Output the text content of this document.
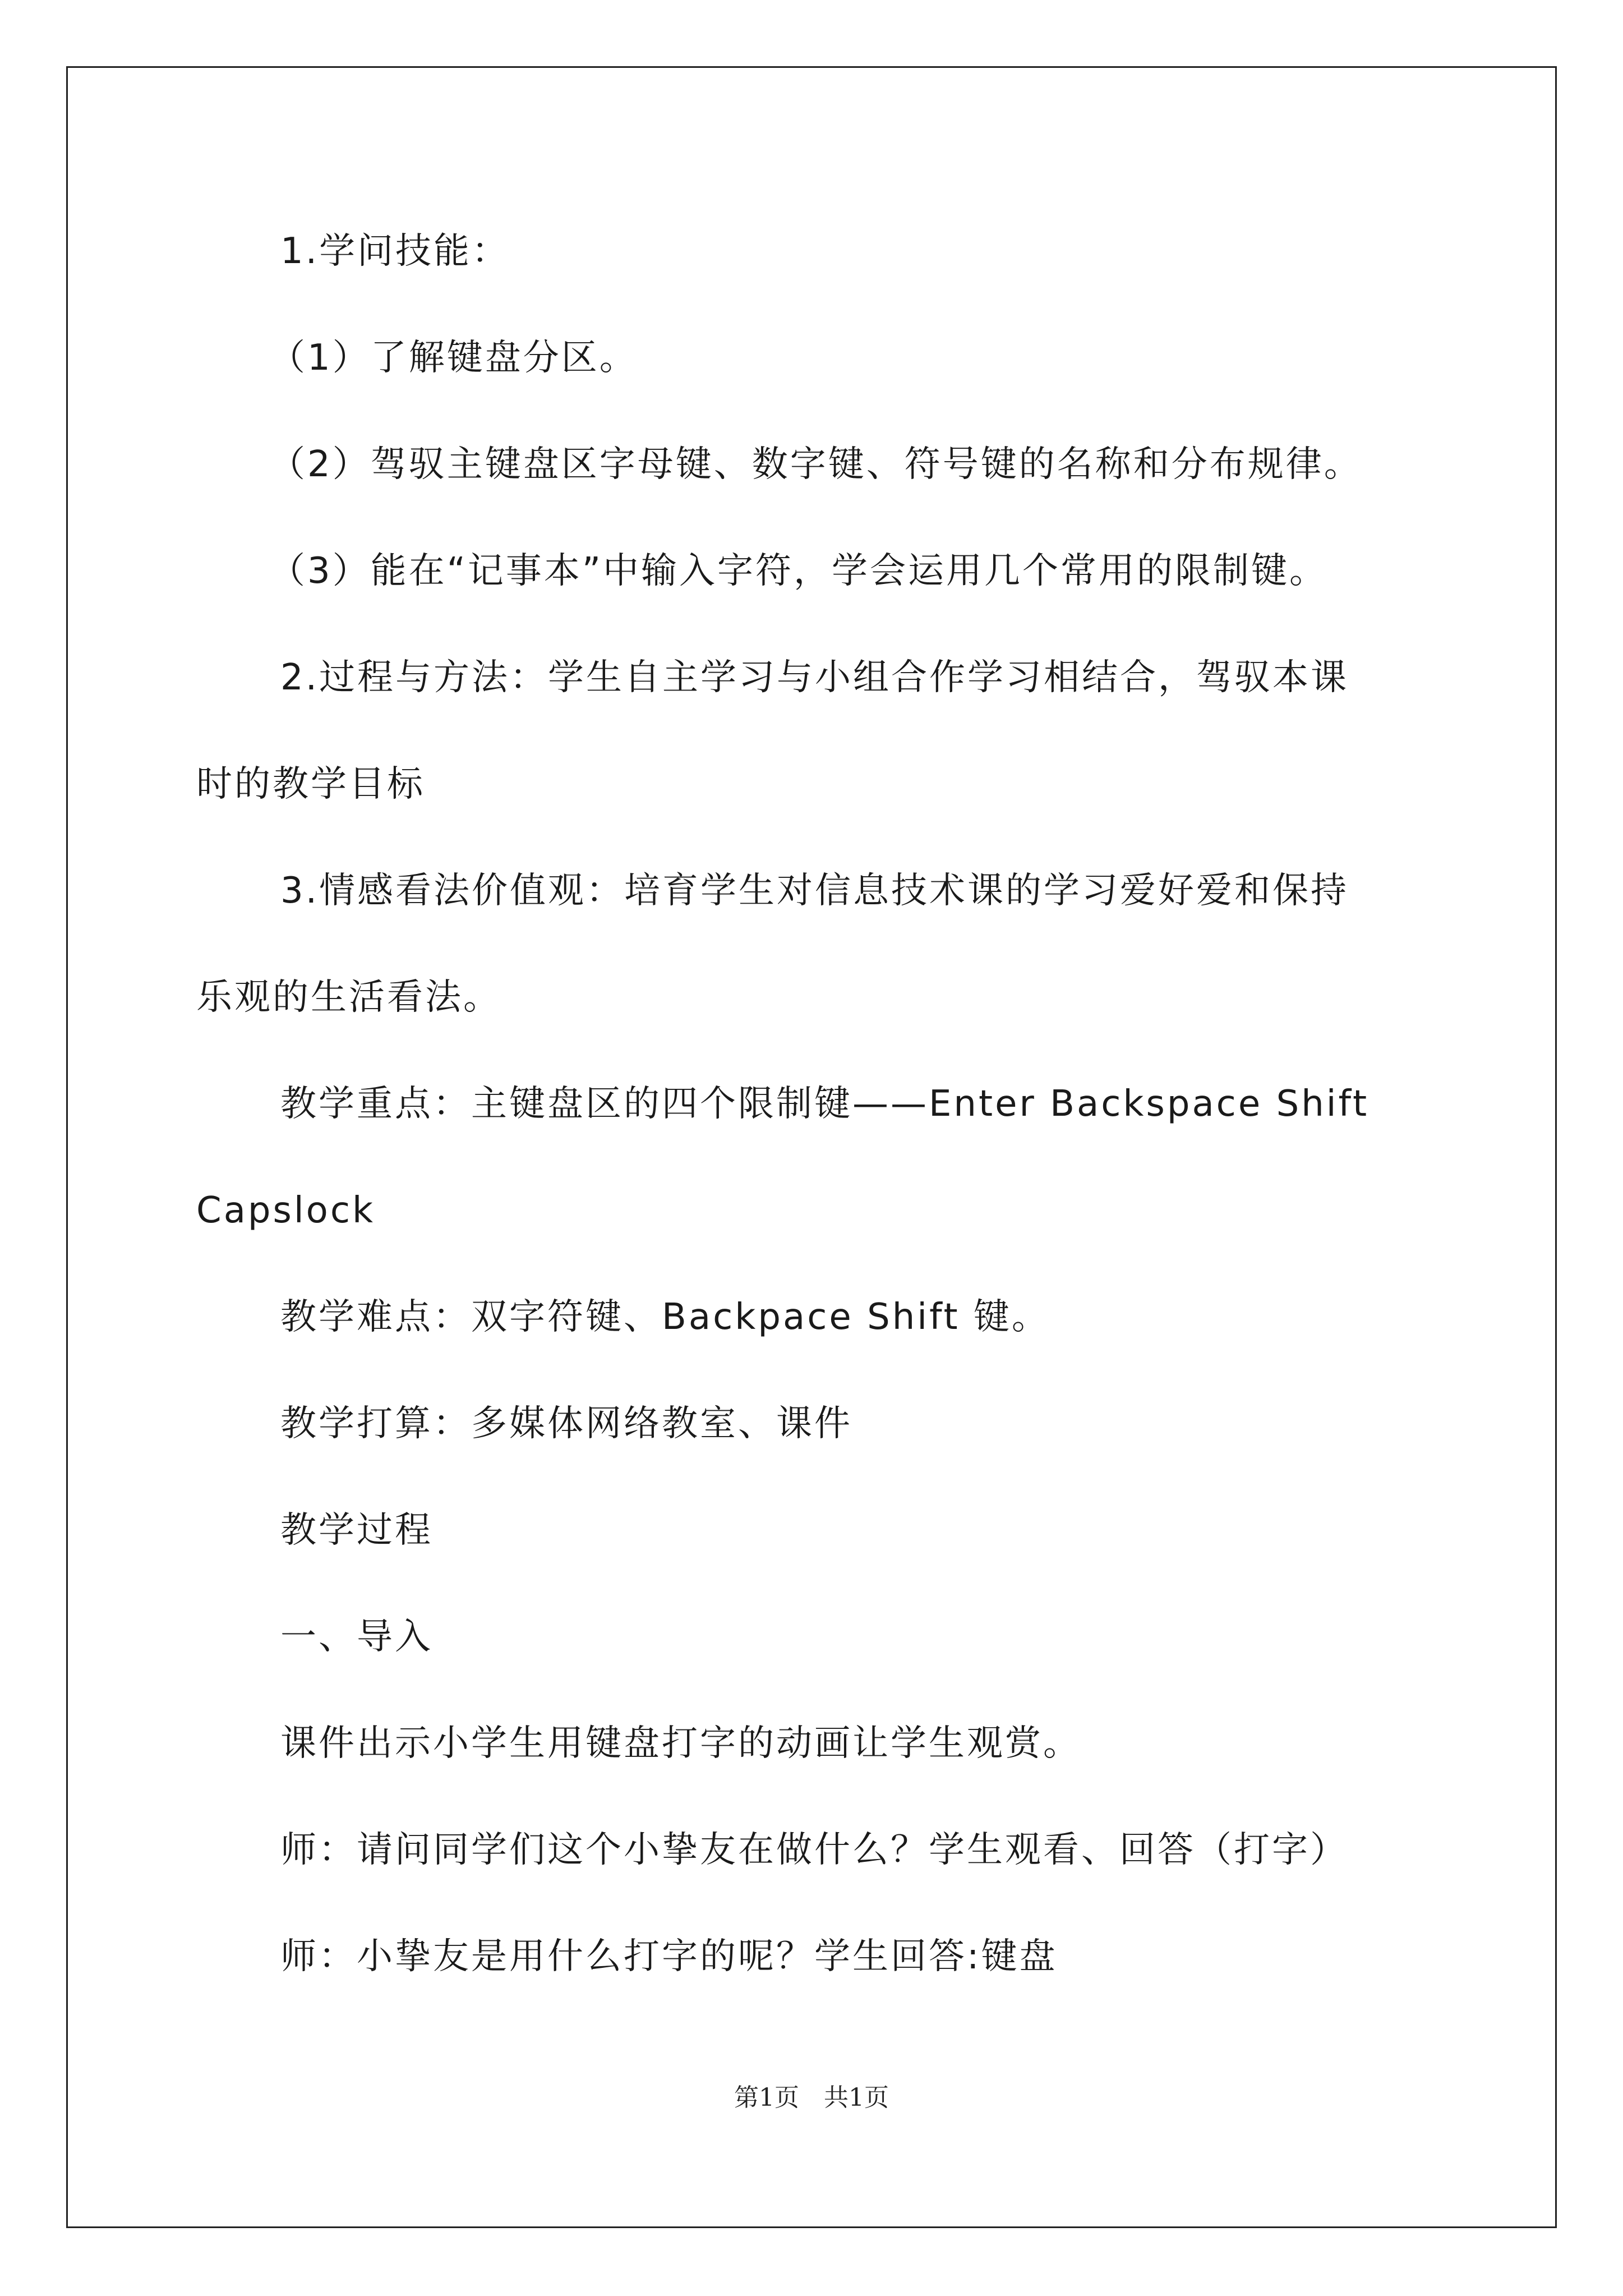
1.学问技能：
（1）了解键盘分区。
（2）驾驭主键盘区字母键、数字键、符号键的名称和分布规律。
（3）能在“记事本”中输入字符，学会运用几个常用的限制键。
2.过程与方法：学生自主学习与小组合作学习相结合，驾驭本课
时的教学目标
3.情感看法价值观：培育学生对信息技术课的学习爱好爱和保持
乐观的生活看法。
教学重点：主键盘区的四个限制键——Enter Backspace Shift
Capslock
教学难点：双字符键、Backpace Shift 键。
教学打算：多媒体网络教室、课件
教学过程
一、导入
课件出示小学生用键盘打字的动画让学生观赏。
师：请问同学们这个小挚友在做什么？学生观看、回答（打字）
师：小挚友是用什么打字的呢？学生回答:键盘
第1页　共1页
